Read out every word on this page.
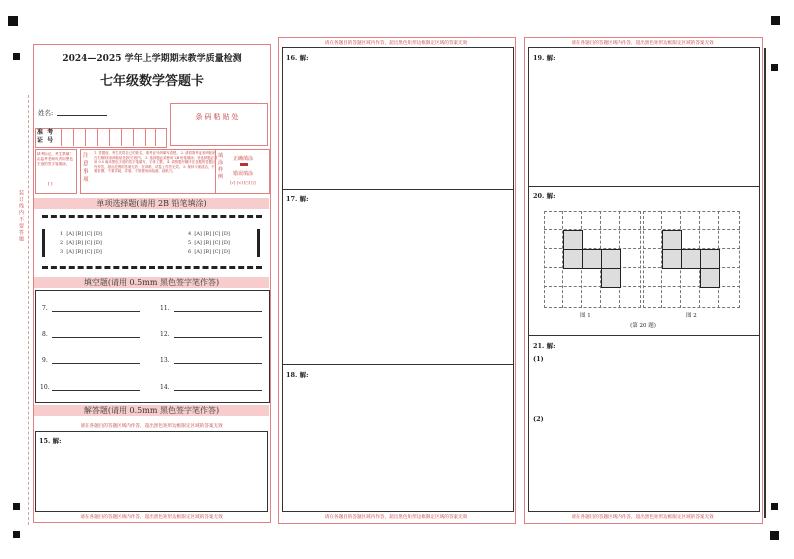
装 订 线 内 不 要 答 题
2024—2025 学年上学期期末教学质量检测
七年级数学答题卡
姓名:	条码粘贴处
准 考 证 号
缺考标记，考生禁填！由监考老师负责用黑色字迹的签字笔填涂。
[ ]
注意事项
1. 答题前，考生先将自己的姓名、准考证号码填写清楚。 2. 请将准考证条码粘贴在右侧的[条码粘贴处]的方框内。 3. 选择题必须使用 2B 铅笔填涂；非选择题必须用 0.5 毫米黑色字迹的签字笔填写，字体工整。 4. 请按题号顺序在各题的答题区内作答，超出范围的答案无效，在草纸、试卷上作答无效。 5. 保持卡面清洁，不要折叠、不要弄破、弄皱，不准使用涂改液、刮纸刀。
填涂样例
正确填涂
错误填涂
[√] [×] [○] [/]
单项选择题(请用 2B 铅笔填涂)
1 [A] [B] [C] [D]
2 [A] [B] [C] [D]
3 [A] [B] [C] [D]
4 [A] [B] [C] [D]
5 [A] [B] [C] [D]
6 [A] [B] [C] [D]
填空题(请用 0.5mm 黑色签字笔作答)
7.
8.
9.
10.
11.
12.
13.
14.
解答题(请用 0.5mm 黑色签字笔作答)
请在各题目的答题区域内作答，超出黑色矩形边框限定区域的答案无效
15. 解:
请在各题目的答题区域内作答，超出黑色矩形边框限定区域的答案无效
请在各题目的答题区域内作答，超出黑色矩形边框限定区域的答案无效
16. 解:
17. 解:
18. 解:
请在各题目的答题区域内作答，超出黑色矩形边框限定区域的答案无效
请在各题目的答题区域内作答，超出黑色矩形边框限定区域的答案无效
19. 解:
20. 解:
图 1	图 2
(第 20 题)
21. 解:
(1)
(2)
请在各题目的答题区域内作答，超出黑色矩形边框限定区域的答案无效
